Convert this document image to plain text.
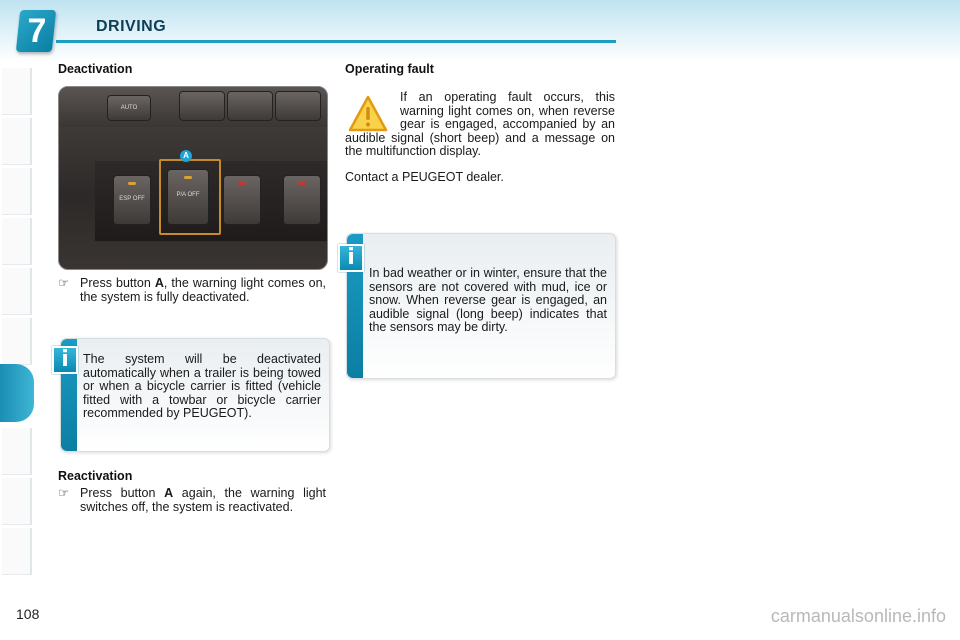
7	DRIVING
Deactivation
AUTO
ESP OFF
P/A OFF
A
☞ Press button A, the warning light comes on, the system is fully deactivated.
The system will be deactivated automatically when a trailer is being towed or when a bicycle carrier is fitted (vehicle fitted with a towbar or bicycle carrier recommended by PEUGEOT).
i
Reactivation
☞ Press button A again, the warning light switches off, the system is reactivated.
Operating fault
If an operating fault occurs, this warning light comes on, when reverse gear is engaged, accompanied by an audible signal (short beep) and a message on the multifunction display.
Contact a PEUGEOT dealer.
In bad weather or in winter, ensure that the sensors are not covered with mud, ice or snow. When reverse gear is engaged, an audible signal (long beep) indicates that the sensors may be dirty.
i
108	carmanualsonline.info
